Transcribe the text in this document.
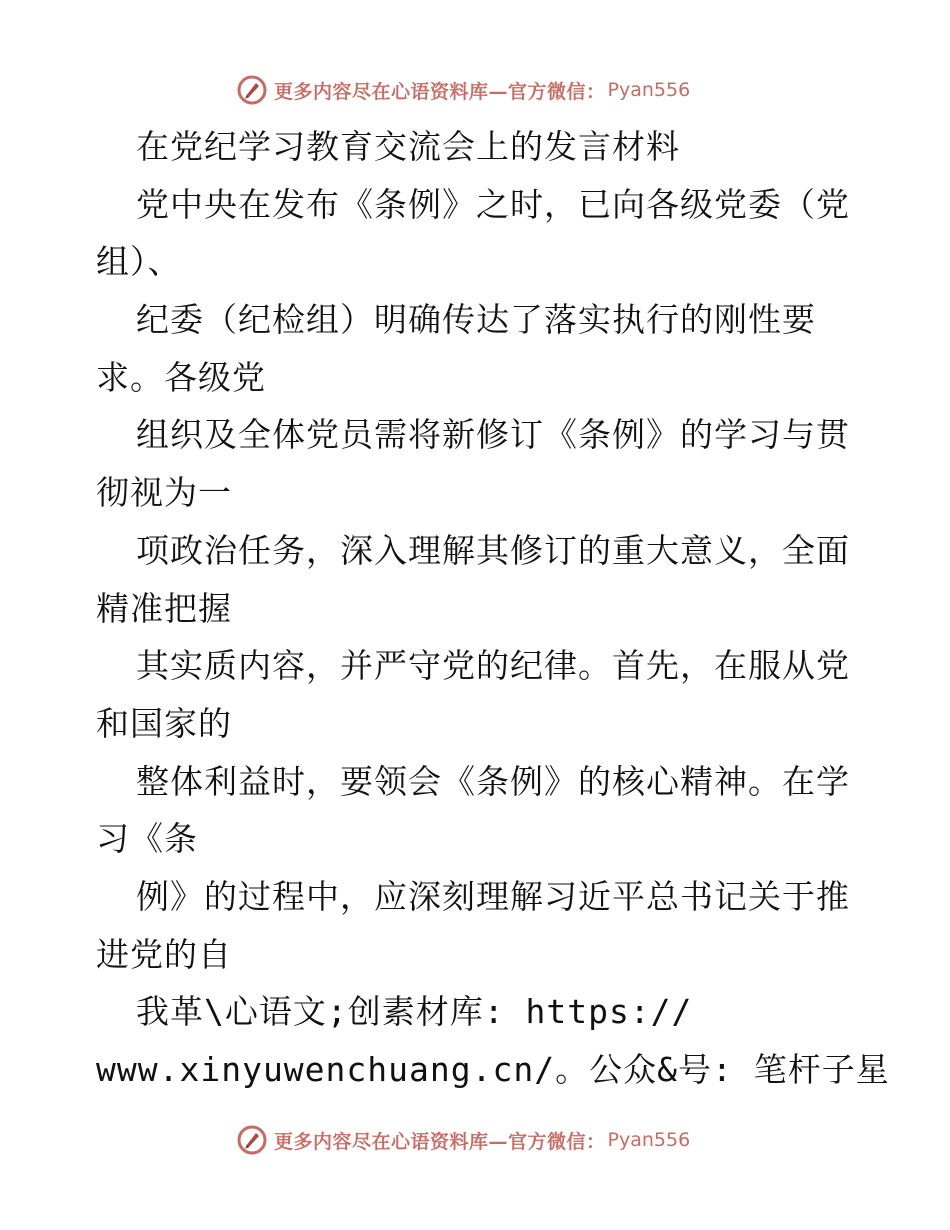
更多内容尽在心语资料库—官方微信： Pyan556
在党纪学习教育交流会上的发言材料
党中央在发布《条例》之时，已向各级党委（党
组）、
纪委（纪检组）明确传达了落实执行的刚性要
求。各级党
组织及全体党员需将新修订《条例》的学习与贯
彻视为一
项政治任务，深入理解其修订的重大意义，全面
精准把握
其实质内容，并严守党的纪律。首先，在服从党
和国家的
整体利益时，要领会《条例》的核心精神。在学
习《条
例》的过程中，应深刻理解习近平总书记关于推
进党的自
我革\心语文;创素材库: https://
www.xinyuwenchuang.cn/。公众&号: 笔杆子星
更多内容尽在心语资料库—官方微信： Pyan556
